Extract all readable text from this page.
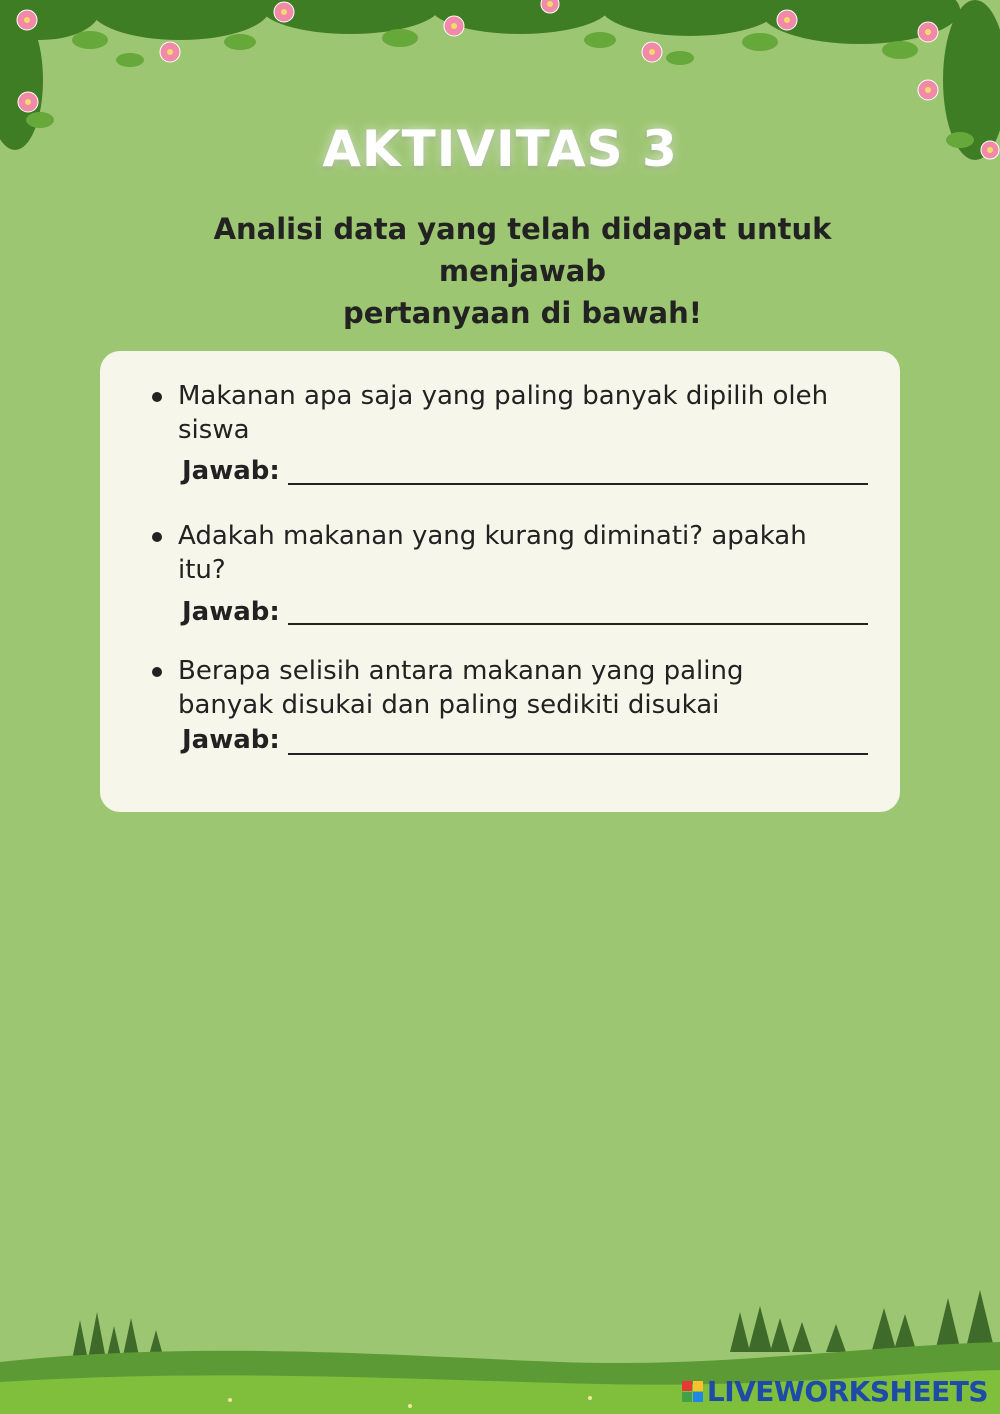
AKTIVITAS 3
Analisi data yang telah didapat untuk menjawab
pertanyaan di bawah!
Makanan apa saja yang paling banyak dipilih oleh
siswa
Jawab:
Adakah makanan yang kurang diminati? apakah
itu?
Jawab:
Berapa selisih antara makanan yang paling
banyak disukai dan paling sedikiti disukai
Jawab:
LIVEWORKSHEETS
